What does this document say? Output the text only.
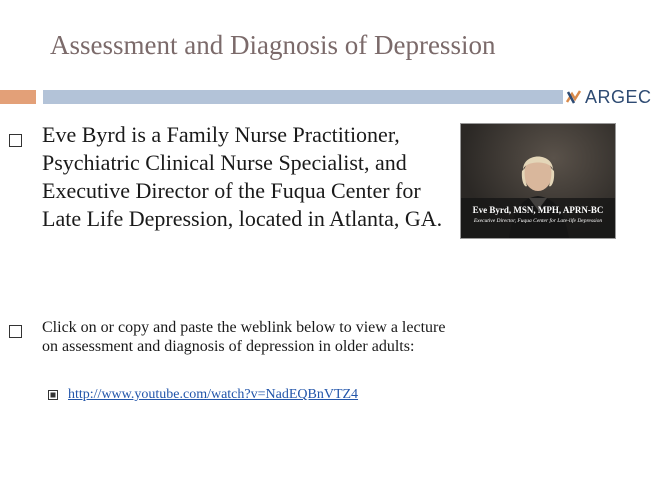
Assessment and Diagnosis of Depression
ARGEC
Eve Byrd is a Family Nurse Practitioner, Psychiatric Clinical Nurse Specialist, and Executive Director of the Fuqua Center for Late Life Depression, located in Atlanta, GA.	Eve Byrd, MSN, MPH, APRN-BC
Executive Director, Fuqua Center for Late-life Depression
Click on or copy and paste the weblink below to view a lecture on assessment and diagnosis of depression in older adults:
http://www.youtube.com/watch?v=NadEQBnVTZ4
